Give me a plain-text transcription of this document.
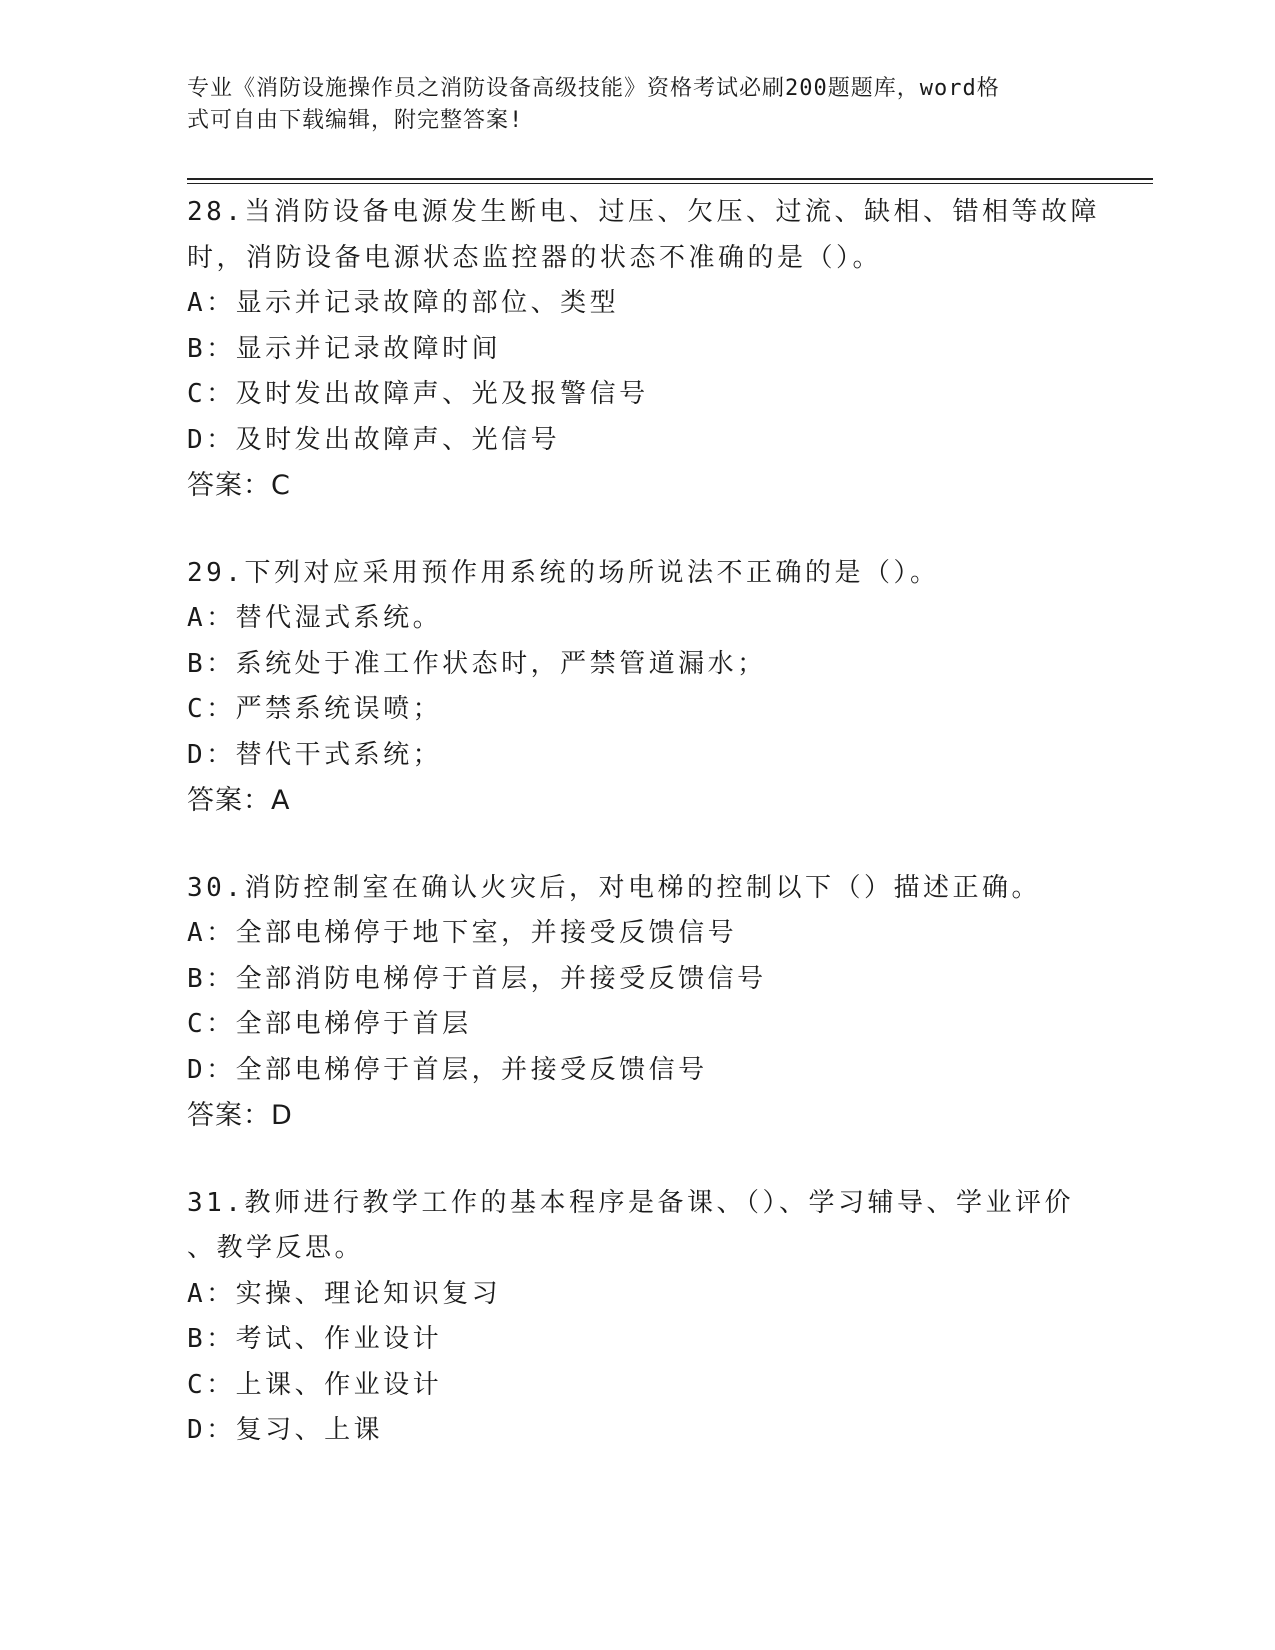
专业《消防设施操作员之消防设备高级技能》资格考试必刷200题题库，word格
式可自由下载编辑，附完整答案!
28.当消防设备电源发生断电、过压、欠压、过流、缺相、错相等故障
时，消防设备电源状态监控器的状态不准确的是（）。
A：显示并记录故障的部位、类型
B：显示并记录故障时间
C：及时发出故障声、光及报警信号
D：及时发出故障声、光信号
答案：C
29.下列对应采用预作用系统的场所说法不正确的是（）。
A：替代湿式系统。
B：系统处于准工作状态时，严禁管道漏水；
C：严禁系统误喷；
D：替代干式系统；
答案：A
30.消防控制室在确认火灾后，对电梯的控制以下（）描述正确。
A：全部电梯停于地下室，并接受反馈信号
B：全部消防电梯停于首层，并接受反馈信号
C：全部电梯停于首层
D：全部电梯停于首层，并接受反馈信号
答案：D
31.教师进行教学工作的基本程序是备课、（）、学习辅导、学业评价
、教学反思。
A：实操、理论知识复习
B：考试、作业设计
C：上课、作业设计
D：复习、上课
